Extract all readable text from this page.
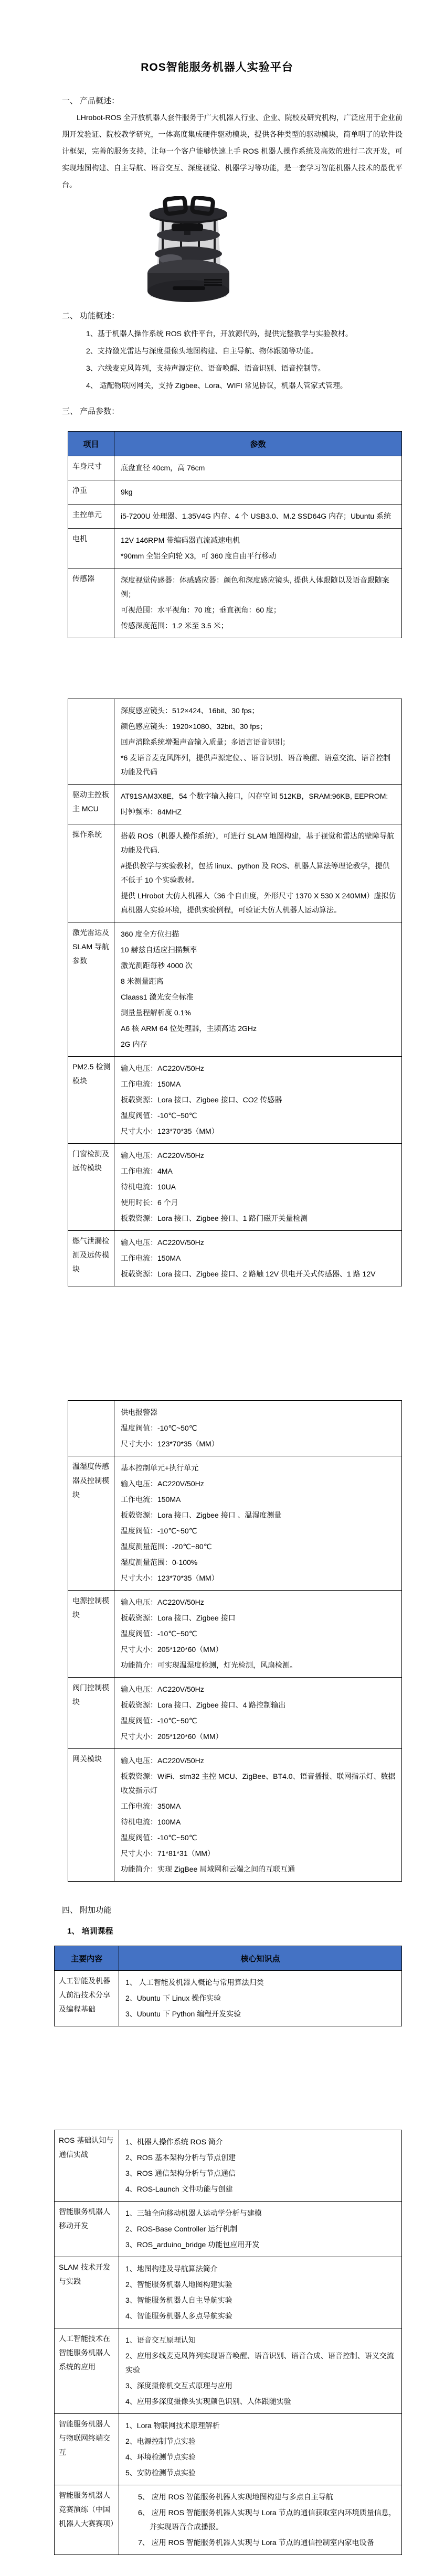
ROS智能服务机器人实验平台
一、 产品概述：

LHrobot-ROS 全开放机器人套件服务于广大机器人行业、企业、院校及研究机构，广泛应用于企业前期开发验证、院校教学研究，一体高度集成硬件驱动模块，提供各种类型的驱动模块，简单明了的软件设计框架，完善的服务支持，让每一个客户能够快速上手 ROS 机器人操作系统及高效的进行二次开发，可实现地图构建、自主导航、语音交互、深度视觉、机器学习等功能，是一套学习智能机器人技术的最优平台。

二、 功能概述：
1、基于机器人操作系统 ROS 软件平台，开放源代码，提供完整教学与实验教材。
2、支持激光雷达与深度摄像头地图构建、自主导航、物体跟随等功能。
3、六线麦克风阵列，支持声源定位、语音唤醒、语音识别、语音控制等。
4、 适配物联网网关，支持 Zigbee、Lora、WIFI 常见协议，机器人管家式管理。
三、 产品参数：
项目	参数
车身尺寸	底盘直径 40cm，高 76cm

净重	9kg

主控单元	i5-7200U 处理器、1.35V4G 内存、4 个 USB3.0、M.2 SSD64G 内存；Ubuntu 系统

电机	12V 146RPM 带编码器直流减速电机
*90mm 全铝全向轮 X3，可 360 度自由平行移动

传感器	深度视觉传感器：体感感应器：颜色和深度感应镜头, 提供人体跟随以及语音跟随案例；
可视范围：水平视角：70 度；垂直视角：60 度；
传感深度范围：1.2 米至 3.5 米；

	深度感应镜头：512×424、16bit、30 fps；
颜色感应镜头：1920×1080、32bit、30 fps；
回声消除系统增强声音输入质量；多语言语音识别；
*6 麦语音麦克风阵列，提供声源定位、、语音识别、语音唤醒、语意交流、语音控制功能及代码

驱动主控板主 MCU	AT91SAM3X8E，54 个数字输入接口，闪存空间 512KB，SRAM:96KB, EEPROM:
时钟频率：84MHZ

操作系统	搭载 ROS（机器人操作系统），可进行 SLAM 地图构建，基于视觉和雷达的壁障导航功能及代码.
#提供教学与实验教材，包括 linux、python 及 ROS、机器人算法等理论教学，提供不低于 10 个实验教材。
提供 LHrobot 大仿人机器人（36 个自由度，外形尺寸 1370 X 530 X 240MM）虚拟仿真机器人实验环境，提供实验例程，可验证大仿人机器人运动算法。

激光雷达及 SLAM 导航参数	
360 度全方位扫描
10 赫兹自适应扫描频率
激光测距每秒 4000 次
8 米测量距离
Claass1 激光安全标准
测量量程解析度 0.1%
A6 核 ARM 64 位处理器，主频高达 2GHz
2G 内存

PM2.5 检测模块	输入电压：AC220V/50Hz
工作电流：150MA
板载资源：Lora 接口、Zigbee 接口、CO2 传感器
温度阀值：-10℃~50℃
尺寸大小：123*70*35（MM）

门窗检测及远传模块	输入电压：AC220V/50Hz
工作电流：4MA
待机电流：10UA
使用时长：6 个月
板载资源：Lora 接口、Zigbee 接口、1 路门磁开关量检测

燃气泄漏检测及远传模块	输入电压：AC220V/50Hz
工作电流：150MA
板载资源：Lora 接口、Zigbee 接口、2 路触 12V 供电开关式传感器、1 路 12V

	供电报警器
温度阀值：-10℃~50℃
尺寸大小：123*70*35（MM）

温湿度传感器及控制模块	
基本控制单元+执行单元
输入电压：AC220V/50Hz
工作电流：150MA
板载资源：Lora 接口、Zigbee 接口 、温湿度测量
温度阀值：-10℃~50℃
温度测量范围：-20℃~80℃
湿度测量范围：0-100%
尺寸大小：123*70*35（MM）

电源控制模块	输入电压：AC220V/50Hz
板载资源：Lora 接口、Zigbee 接口
温度阀值：-10℃~50℃
尺寸大小：205*120*60（MM）
功能简介：可实现温湿度检测，灯光检测，风扇检测。

阀门控制模块	输入电压：AC220V/50Hz
板载资源：Lora 接口、Zigbee 接口、4 路控制输出
温度阀值：-10℃~50℃
尺寸大小：205*120*60（MM）

网关模块	输入电压：AC220V/50Hz
板载资源：WiFi、stm32 主控 MCU、ZigBee、BT4.0、语音播报、联网指示灯、数据收发指示灯
工作电流：350MA
待机电流：100MA
温度阀值：-10℃~50℃
尺寸大小：71*81*31（MM）
功能简介：实现 ZigBee 局域网和云端之间的互联互通
四、 附加功能
1、 培训课程
主要内容	核心知识点
人工智能及机器人前沿技术分享及编程基础	1、 人工智能及机器人概论与常用算法归类
2、Ubuntu 下 Linux 操作实验
3、Ubuntu 下 Python 编程开发实验
ROS 基础认知与通信实战	1、机器人操作系统 ROS 简介
2、ROS 基本架构分析与节点创建
3、ROS 通信架构分析与节点通信
4、ROS-Launch 文件功能与创建

智能服务机器人移动开发	1、三轴全向移动机器人运动学分析与建模
2、ROS-Base Controller 运行机制
3、ROS_arduino_bridge 功能包应用开发

SLAM 技术开发与实践	1、地图构建及导航算法简介
2、智能服务机器人地图构建实验
3、智能服务机器人自主导航实验
4、智能服务机器人多点导航实验

人工智能技术在智能服务机器人系统的应用	1、语音交互原理认知
2、应用多线麦克风阵列实现语音唤醒、语音识别、语音合成、语音控制、语义交流实验
3、深度摄像机交互式原理与应用
4、应用多深度摄像头实现颜色识别、人体跟随实验

智能服务机器人与物联网终端交互	1、Lora 物联网技术原理解析
2、电源控制节点实验
4、环境检测节点实验
5、安防检测节点实验

智能服务机器人竞赛演练（中国机器人大赛赛项）	5、 应用 ROS 智能服务机器人实现地图构建与多点自主导航
6、 应用 ROS 智能服务机器人实现与 Lora 节点的通信获取室内环境质量信息，并实现语音合成播报。
7、 应用 ROS 智能服务机器人实现与 Lora 节点的通信控制室内家电设备
